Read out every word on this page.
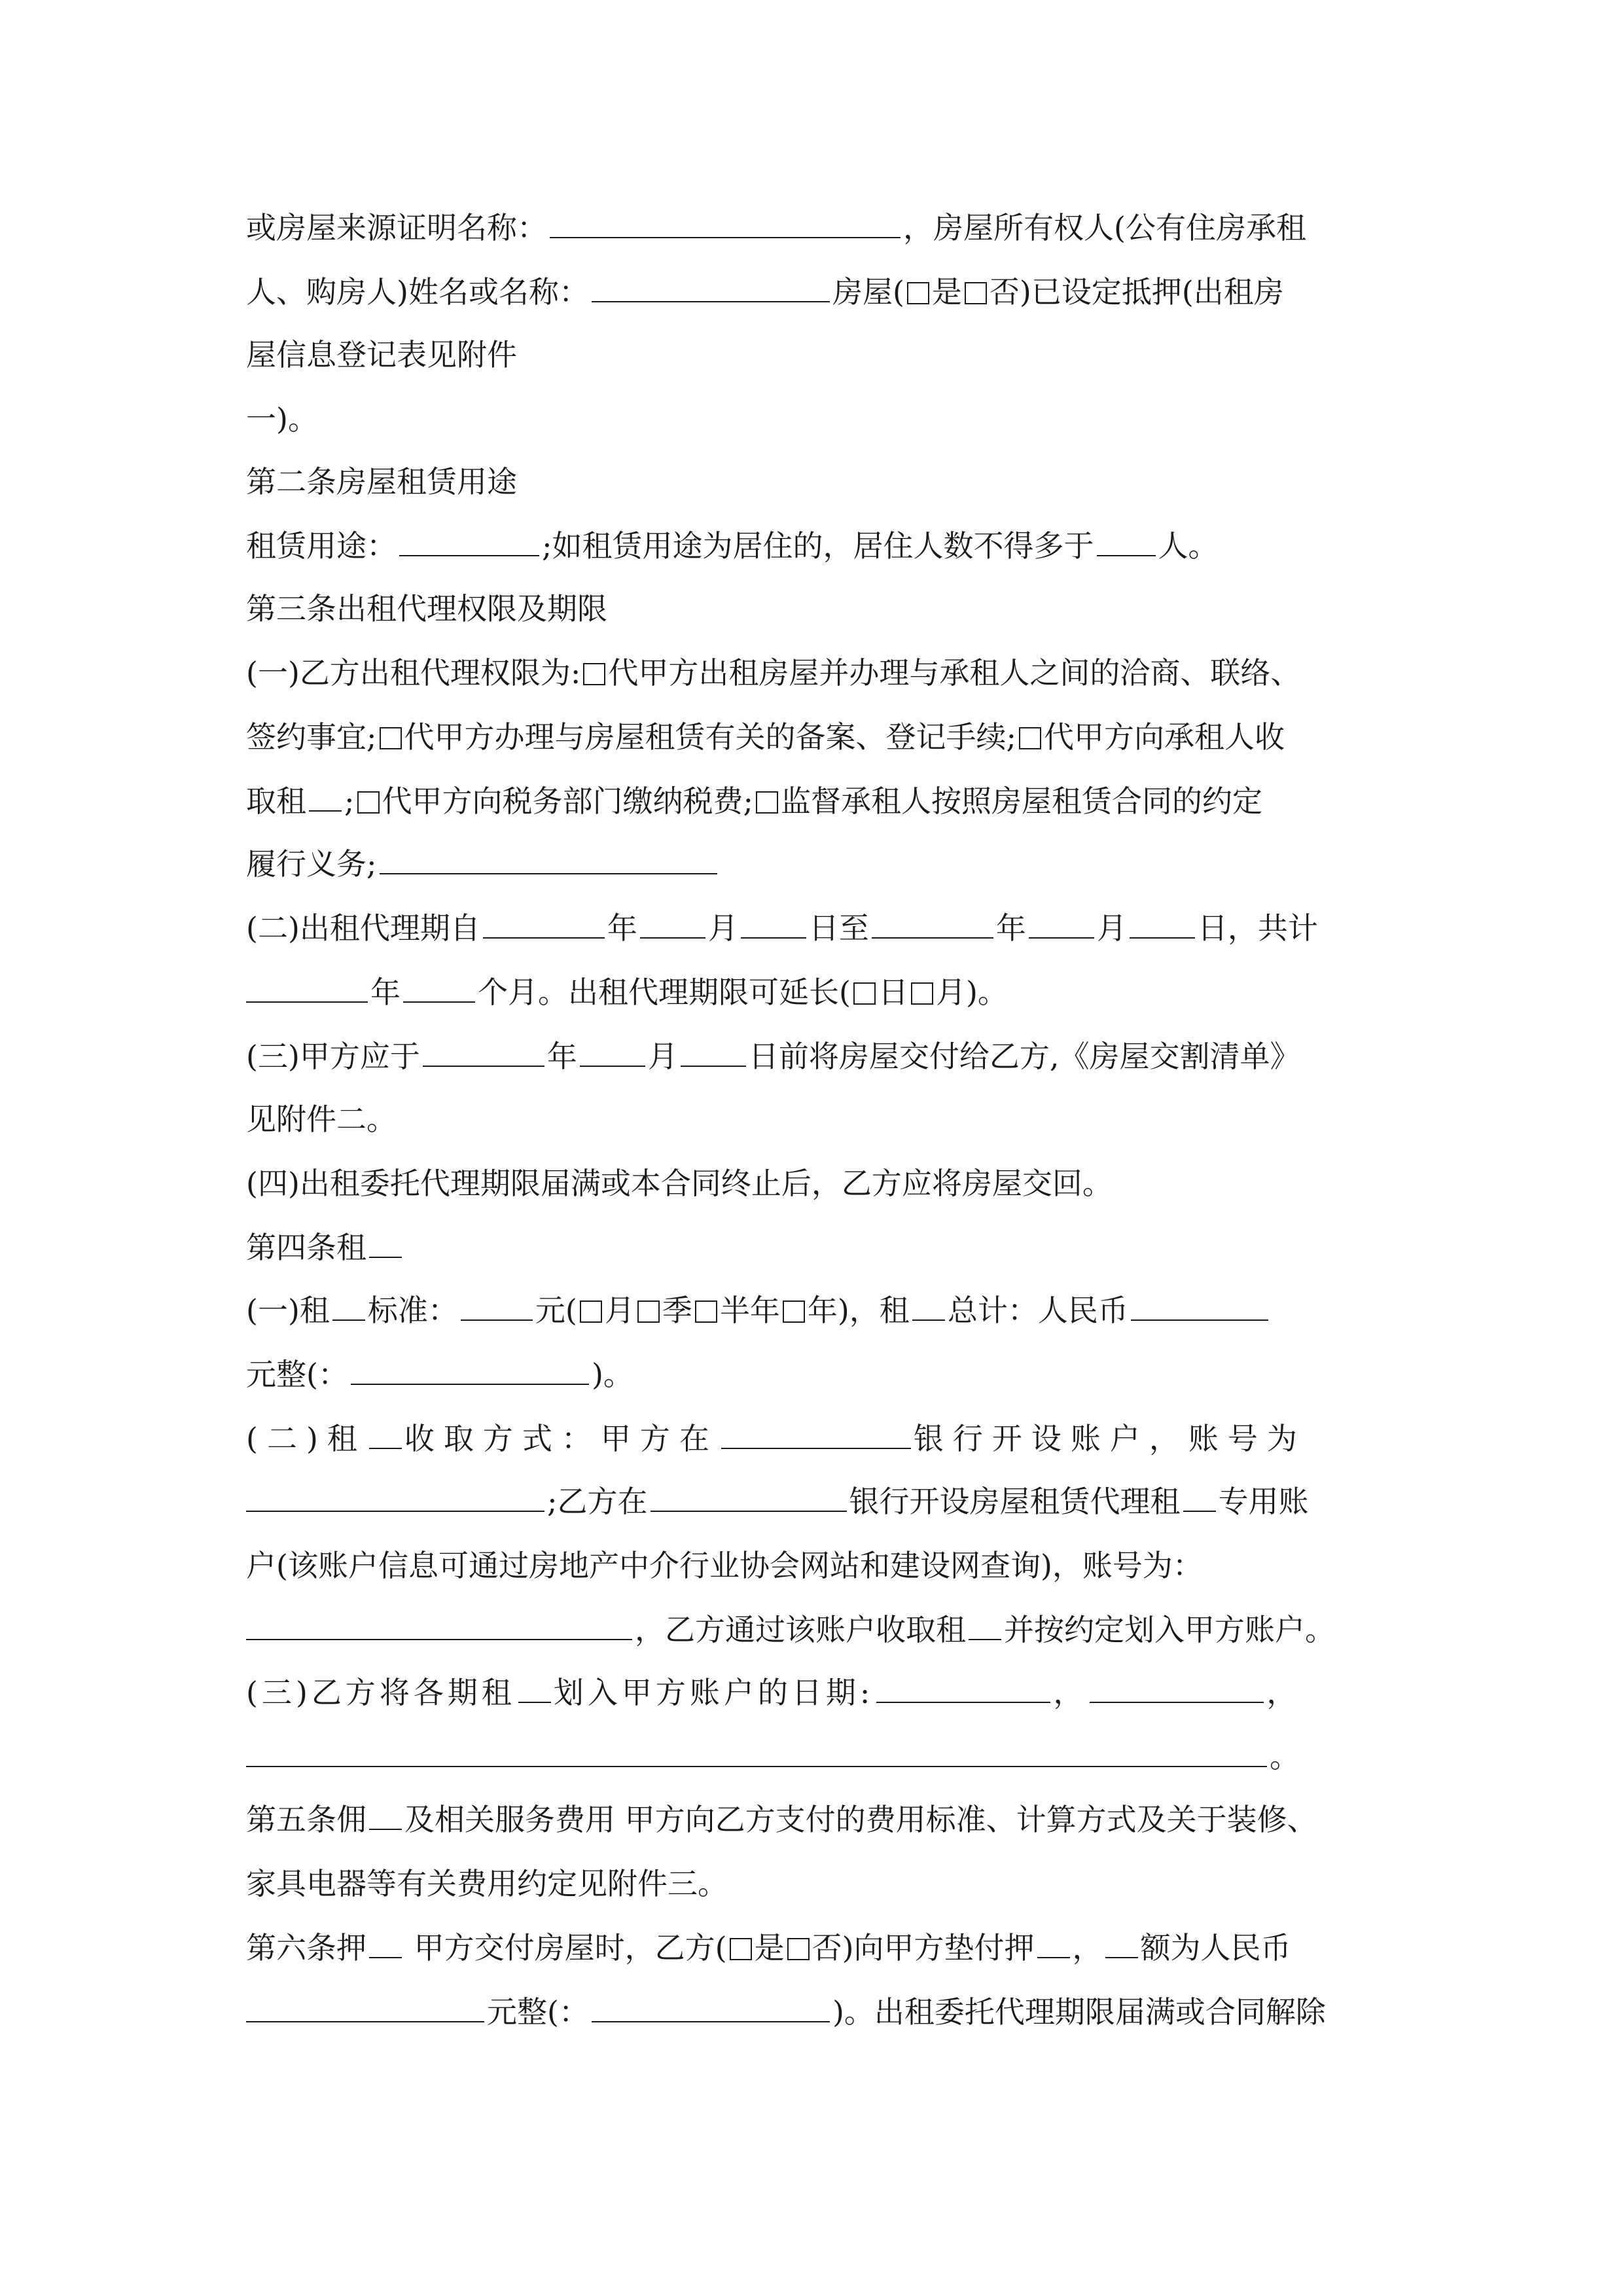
或房屋来源证明名称：	，房屋所有权人(公有住房承租
人、购房人)姓名或名称：	房屋( 是 否)已设定抵押(出租房
屋信息登记表见附件
一)。
第二条房屋租赁用途
租赁用途：	;如租赁用途为居住的，居住人数不得多于 人。
第三条出租代理权限及期限
(一)乙方出租代理权限为: 代甲方出租房屋并办理与承租人之间的洽商、联络、
签约事宜; 代甲方办理与房屋租赁有关的备案、登记手续; 代甲方向承租人收
取租 ; 代甲方向税务部门缴纳税费; 监督承租人按照房屋租赁合同的约定
履行义务;
(二)出租代理期自	年 月 日至	年 月 日，共计
年	个月。出租代理期限可延长( 日 月)。
(三)甲方应于	年 月 日前将房屋交付给乙方,《房屋交割清单》
见附件二。
(四)出租委托代理期限届满或本合同终止后，乙方应将房屋交回。
第四条租
(一)租 标准：	元( 月 季 半年 年)，租 总计：人民币
元整(：	)。
(二)租 收取方式：甲方在	银行开设账户，账号为
;乙方在	银行开设房屋租赁代理租 专用账
户(该账户信息可通过房地产中介行业协会网站和建设网查询)，账号为：
，乙方通过该账户收取租 并按约定划入甲方账户。
(三)乙方将各期租 划入甲方账户的日期:	，	，
。
第五条佣 及相关服务费用 甲方向乙方支付的费用标准、计算方式及关于装修、
家具电器等有关费用约定见附件三。
第六条押 甲方交付房屋时，乙方( 是 否)向甲方垫付押 ， 额为人民币
元整(：	)。出租委托代理期限届满或合同解除
